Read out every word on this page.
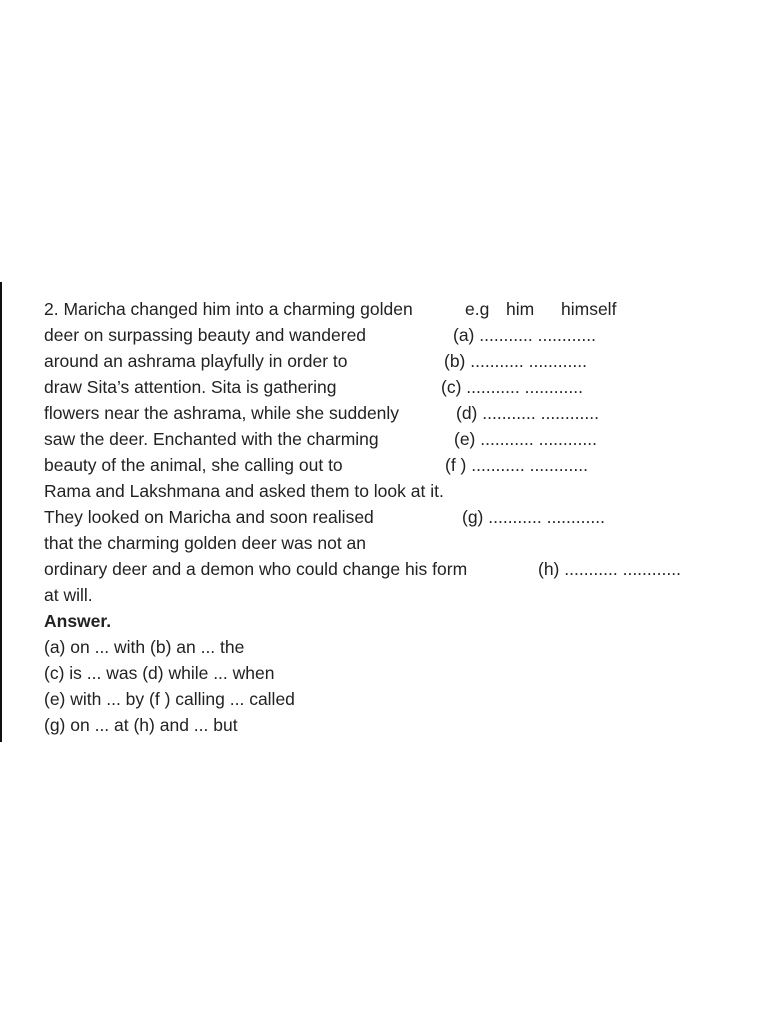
2. Maricha changed him into a charming golden	e.g him himself
deer on surpassing beauty and wandered	(a) ........... ............
around an ashrama playfully in order to	(b) ........... ............
draw Sita’s attention. Sita is gathering	(c) ........... ............
flowers near the ashrama, while she suddenly	(d) ........... ............
saw the deer. Enchanted with the charming	(e) ........... ............
beauty of the animal, she calling out to	(f ) ........... ............
Rama and Lakshmana and asked them to look at it.
They looked on Maricha and soon realised	(g) ........... ............
that the charming golden deer was not an
ordinary deer and a demon who could change his form	(h) ........... ............
at will.
Answer.
(a) on ... with (b) an ... the
(c) is ... was (d) while ... when
(e) with ... by (f ) calling ... called
(g) on ... at (h) and ... but
